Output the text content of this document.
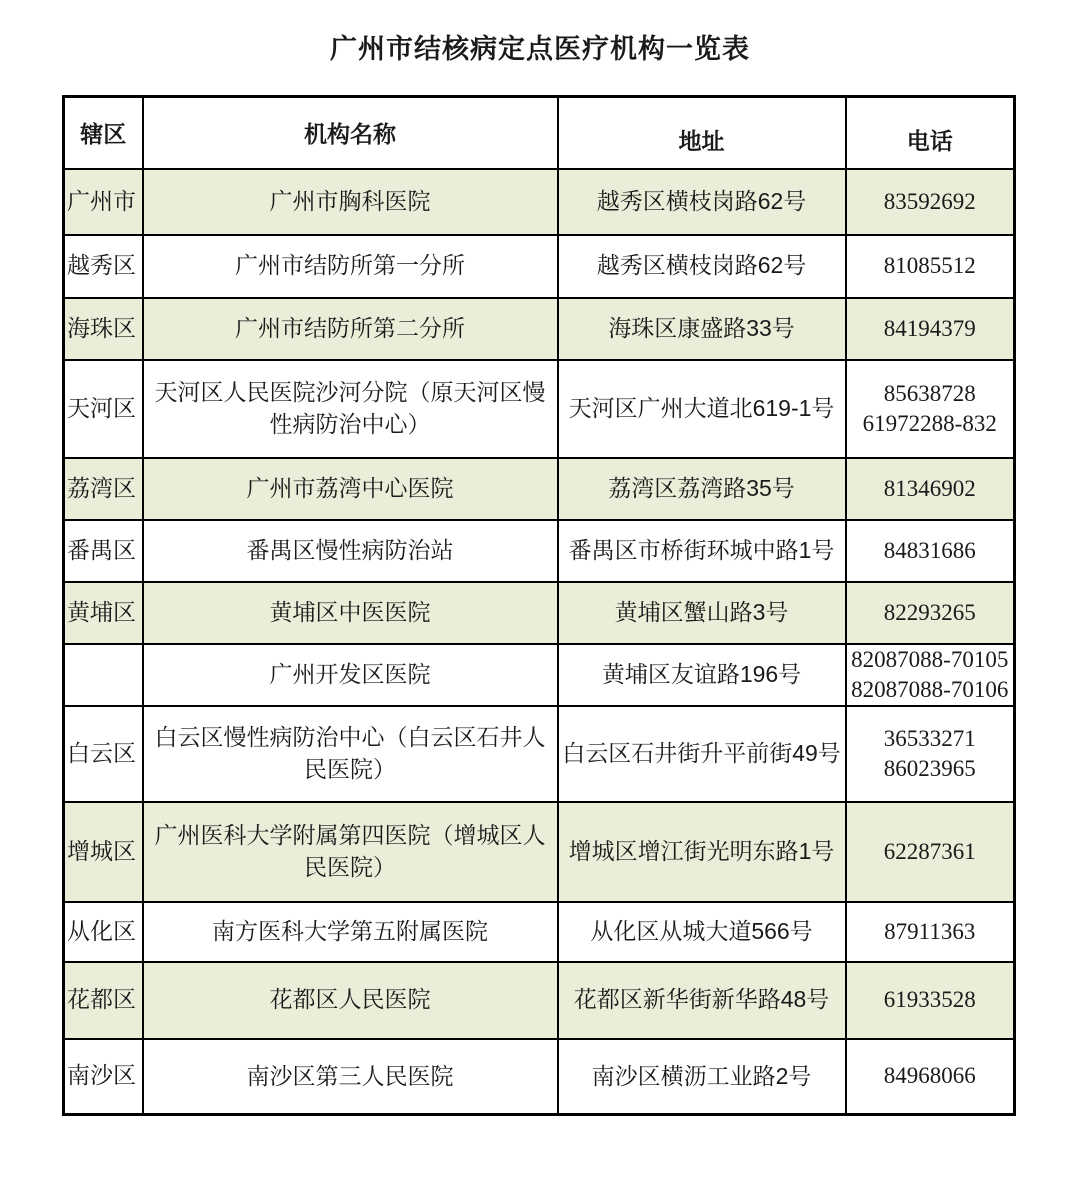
广州市结核病定点医疗机构一览表
辖区	机构名称	地址	电话
广州市	广州市胸科医院	越秀区横枝岗路62号	83592692

越秀区	广州市结防所第一分所	越秀区横枝岗路62号	81085512

海珠区	广州市结防所第二分所	海珠区康盛路33号	84194379

天河区	天河区人民医院沙河分院（原天河区慢性病防治中心）	天河区广州大道北619-1号	85638728
61972288-832

荔湾区	广州市荔湾中心医院	荔湾区荔湾路35号	81346902

番禺区	番禺区慢性病防治站	番禺区市桥街环城中路1号	84831686

黄埔区	黄埔区中医医院	黄埔区蟹山路3号	82293265

	广州开发区医院	黄埔区友谊路196号	82087088-70105
82087088-70106

白云区	白云区慢性病防治中心（白云区石井人民医院）	白云区石井街升平前街49号	36533271
86023965

增城区	广州医科大学附属第四医院（增城区人民医院）	增城区增江街光明东路1号	62287361

从化区	南方医科大学第五附属医院	从化区从城大道566号	87911363

花都区	花都区人民医院	花都区新华街新华路48号	61933528

南沙区	南沙区第三人民医院	南沙区横沥工业路2号	84968066
